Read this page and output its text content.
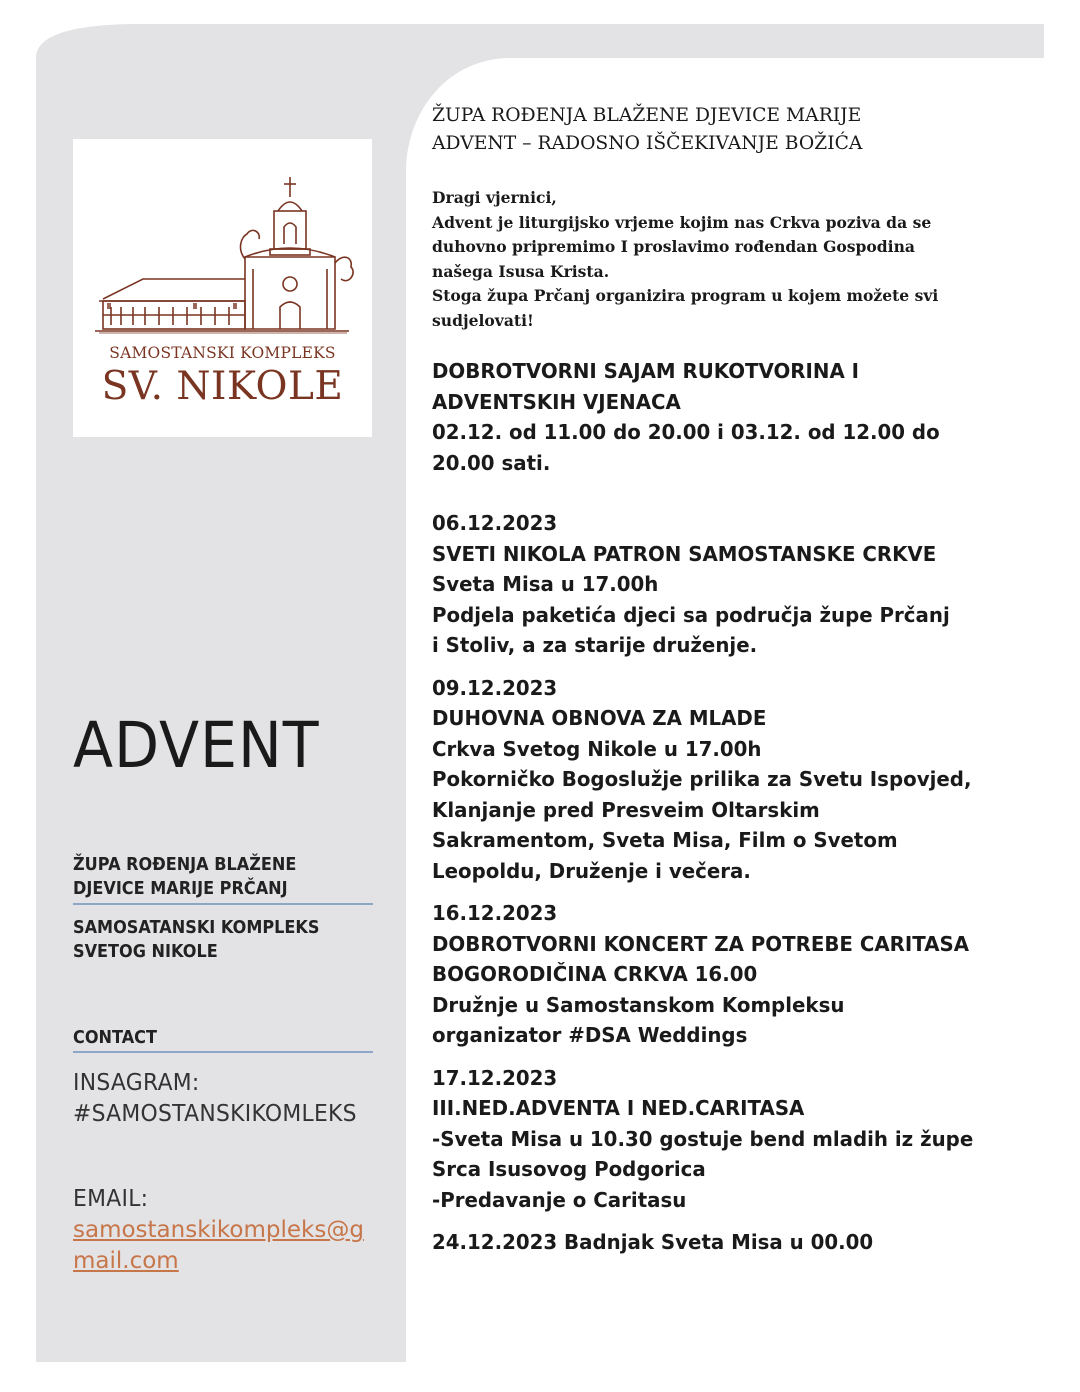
SAMOSTANSKI KOMPLEKS
SV. NIKOLE
ADVENT
ŽUPA ROĐENJA BLAŽENE
DJEVICE MARIJE PRČANJ
SAMOSATANSKI KOMPLEKS
SVETOG NIKOLE
CONTACT
INSAGRAM:
#SAMOSTANSKIKOMLEKS
EMAIL:
samostanskikompleks@g
mail.com
ŽUPA ROĐENJA BLAŽENE DJEVICE MARIJE
ADVENT – RADOSNO IŠČEKIVANJE BOŽIĆA
Dragi vjernici,
Advent je liturgijsko vrjeme kojim nas Crkva poziva da se
duhovno pripremimo I proslavimo rođendan Gospodina
našega Isusa Krista.
Stoga župa Prčanj organizira program u kojem možete svi
sudjelovati!
DOBROTVORNI SAJAM RUKOTVORINA I
ADVENTSKIH VJENACA
02.12. od 11.00 do 20.00 i 03.12. od 12.00 do
20.00 sati.
06.12.2023
SVETI NIKOLA PATRON SAMOSTANSKE CRKVE
Sveta Misa u 17.00h
Podjela paketića djeci sa područja župe Prčanj
i Stoliv, a za starije druženje.
09.12.2023
DUHOVNA OBNOVA ZA MLADE
Crkva Svetog Nikole u 17.00h
Pokorničko Bogoslužje prilika za Svetu Ispovjed,
Klanjanje pred Presveim Oltarskim
Sakramentom, Sveta Misa, Film o Svetom
Leopoldu, Druženje i večera.
16.12.2023
DOBROTVORNI KONCERT ZA POTREBE CARITASA
BOGORODIČINA CRKVA 16.00
Družnje u Samostanskom Kompleksu
organizator #DSA Weddings
17.12.2023
III.NED.ADVENTA I NED.CARITASA
-Sveta Misa u 10.30 gostuje bend mladih iz župe
Srca Isusovog Podgorica
-Predavanje o Caritasu
24.12.2023 Badnjak Sveta Misa u 00.00
